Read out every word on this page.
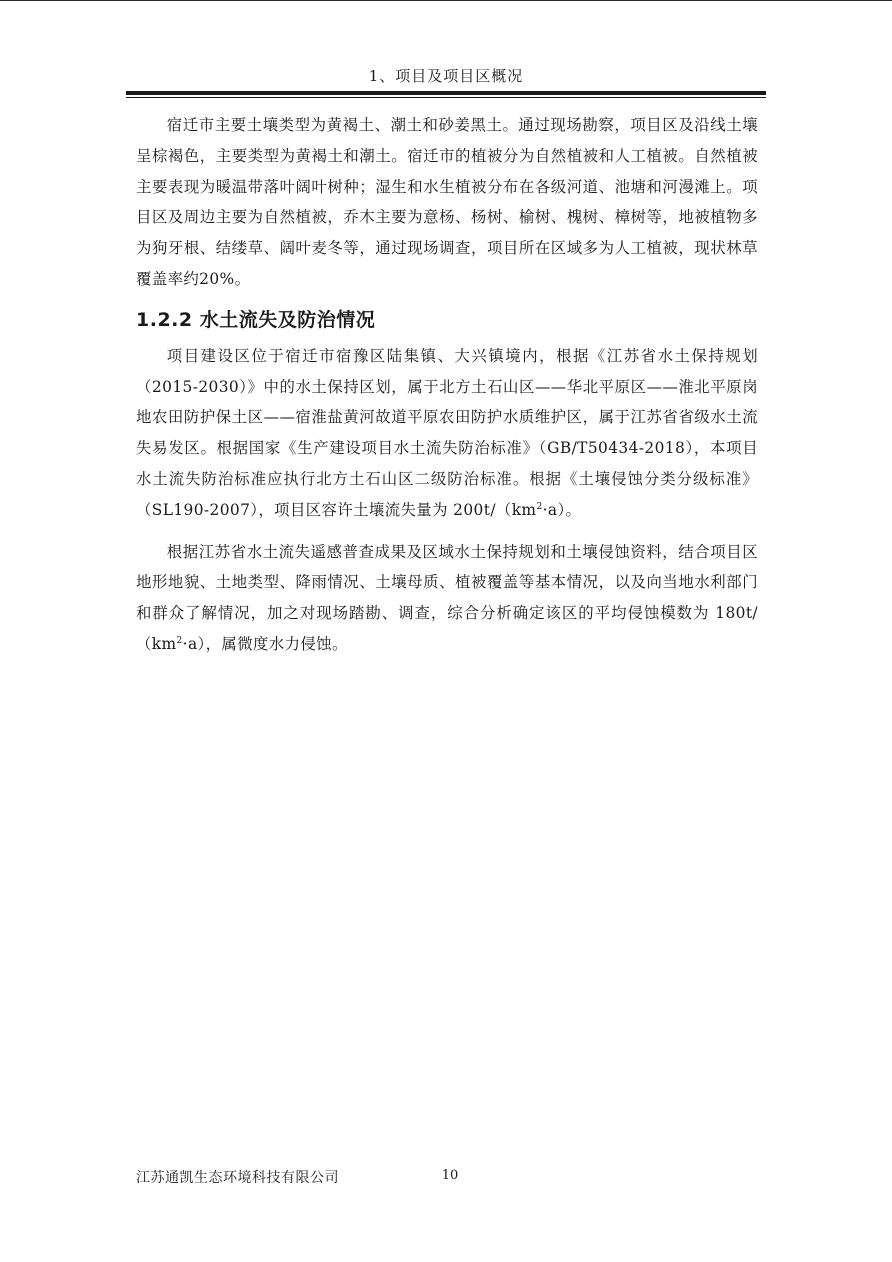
1、项目及项目区概况

宿迁市主要土壤类型为黄褐土、潮土和砂姜黑土。通过现场勘察，项目区及沿线土壤呈棕褐色，主要类型为黄褐土和潮土。宿迁市的植被分为自然植被和人工植被。自然植被主要表现为暖温带落叶阔叶树种；湿生和水生植被分布在各级河道、池塘和河漫滩上。项目区及周边主要为自然植被，乔木主要为意杨、杨树、榆树、槐树、樟树等，地被植物多为狗牙根、结缕草、阔叶麦冬等，通过现场调查，项目所在区域多为人工植被，现状林草覆盖率约20%。

1.2.2 水土流失及防治情况

项目建设区位于宿迁市宿豫区陆集镇、大兴镇境内，根据《江苏省水土保持规划（2015-2030）》中的水土保持区划，属于北方土石山区——华北平原区——淮北平原岗地农田防护保土区——宿淮盐黄河故道平原农田防护水质维护区，属于江苏省省级水土流失易发区。根据国家《生产建设项目水土流失防治标准》（GB/T50434-2018），本项目水土流失防治标准应执行北方土石山区二级防治标准。根据《土壤侵蚀分类分级标准》（SL190-2007），项目区容许土壤流失量为 $200t/(km^2\cdot a)$。

根据江苏省水土流失遥感普查成果及区域水土保持规划和土壤侵蚀资料，结合项目区地形地貌、土地类型、降雨情况、土壤母质、植被覆盖等基本情况，以及向当地水利部门和群众了解情况，加之对现场踏勘、调查，综合分析确定该区的平均侵蚀模数为 $180t/(km^2\cdot a)$，属微度水力侵蚀。

江苏通凯生态环境科技有限公司	10
